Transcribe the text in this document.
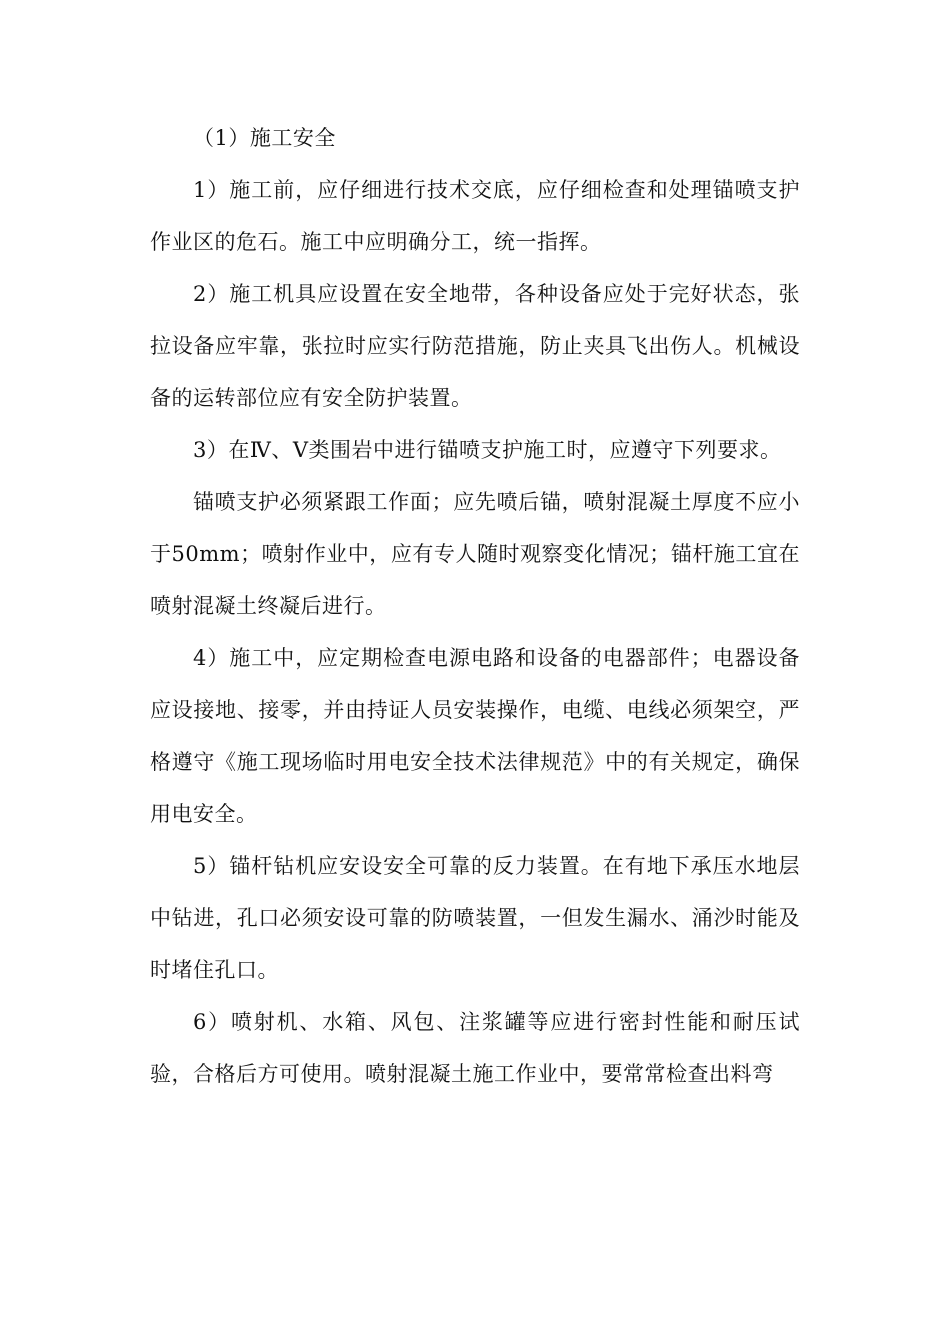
（1）施工安全

1）施工前，应仔细进行技术交底，应仔细检查和处理锚喷支护作业区的危石。施工中应明确分工，统一指挥。

2）施工机具应设置在安全地带，各种设备应处于完好状态，张拉设备应牢靠，张拉时应实行防范措施，防止夹具飞出伤人。机械设备的运转部位应有安全防护装置。

3）在Ⅳ、Ⅴ类围岩中进行锚喷支护施工时，应遵守下列要求。

锚喷支护必须紧跟工作面；应先喷后锚，喷射混凝土厚度不应小于50mm；喷射作业中，应有专人随时观察变化情况；锚杆施工宜在喷射混凝土终凝后进行。

4）施工中，应定期检查电源电路和设备的电器部件；电器设备应设接地、接零，并由持证人员安装操作，电缆、电线必须架空，严格遵守《施工现场临时用电安全技术法律规范》中的有关规定，确保用电安全。

5）锚杆钻机应安设安全可靠的反力装置。在有地下承压水地层中钻进，孔口必须安设可靠的防喷装置，一但发生漏水、涌沙时能及时堵住孔口。

6）喷射机、水箱、风包、注浆罐等应进行密封性能和耐压试验，合格后方可使用。喷射混凝土施工作业中，要常常检查出料弯
